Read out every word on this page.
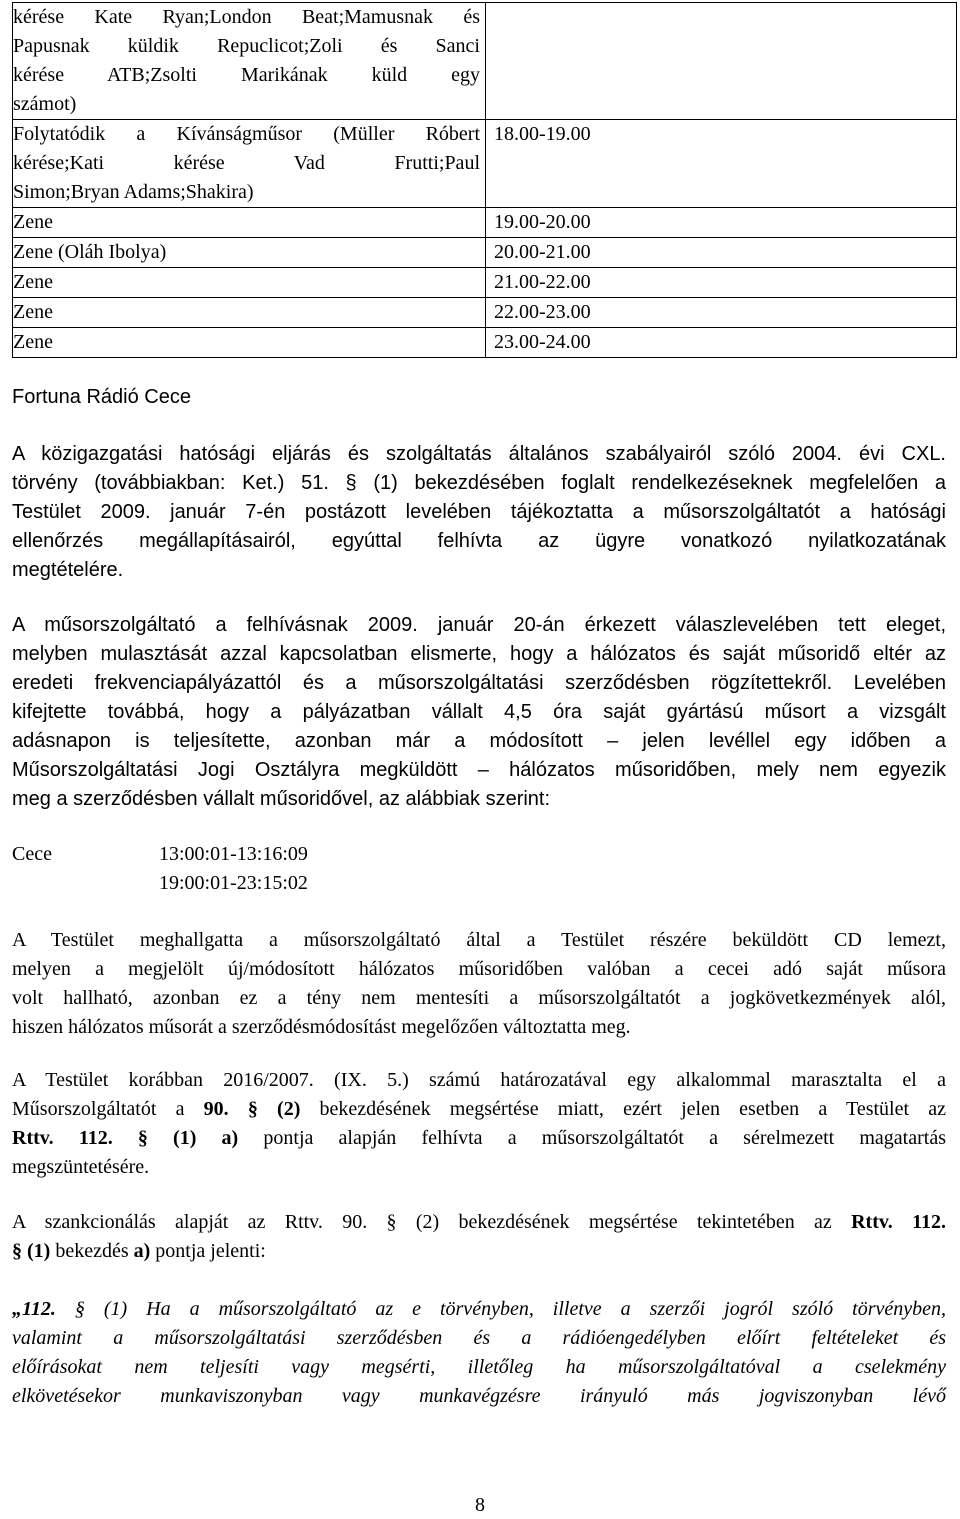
kérése Kate Ryan;London Beat;Mamusnak és
Papusnak küldik Repuclicot;Zoli és Sanci
kérése ATB;Zsolti Marikának küld egy
számot)	

Folytatódik a Kívánságműsor (Müller Róbert
kérése;Kati kérése Vad Frutti;Paul
Simon;Bryan Adams;Shakira)	18.00-19.00

Zene	19.00-20.00

Zene (Oláh Ibolya)	20.00-21.00

Zene	21.00-22.00

Zene	22.00-23.00

Zene	23.00-24.00
Fortuna Rádió Cece
A közigazgatási hatósági eljárás és szolgáltatás általános szabályairól szóló 2004. évi CXL.
törvény (továbbiakban: Ket.) 51. § (1) bekezdésében foglalt rendelkezéseknek megfelelően a
Testület 2009. január 7-én postázott levelében tájékoztatta a műsorszolgáltatót a hatósági
ellenőrzés megállapításairól, egyúttal felhívta az ügyre vonatkozó nyilatkozatának
megtételére.
A műsorszolgáltató a felhívásnak 2009. január 20-án érkezett válaszlevelében tett eleget,
melyben mulasztását azzal kapcsolatban elismerte, hogy a hálózatos és saját műsoridő eltér az
eredeti frekvenciapályázattól és a műsorszolgáltatási szerződésben rögzítettekről. Levelében
kifejtette továbbá, hogy a pályázatban vállalt 4,5 óra saját gyártású műsort a vizsgált
adásnapon is teljesítette, azonban már a módosított – jelen levéllel egy időben a
Műsorszolgáltatási Jogi Osztályra megküldött – hálózatos műsoridőben, mely nem egyezik
meg a szerződésben vállalt műsoridővel, az alábbiak szerint:
Cece	13:00:01-13:16:09
19:00:01-23:15:02
A Testület meghallgatta a műsorszolgáltató által a Testület részére beküldött CD lemezt,
melyen a megjelölt új/módosított hálózatos műsoridőben valóban a cecei adó saját műsora
volt hallható, azonban ez a tény nem mentesíti a műsorszolgáltatót a jogkövetkezmények alól,
hiszen hálózatos műsorát a szerződésmódosítást megelőzően változtatta meg.
A Testület korábban 2016/2007. (IX. 5.) számú határozatával egy alkalommal marasztalta el a
Műsorszolgáltatót a 90. § (2) bekezdésének megsértése miatt, ezért jelen esetben a Testület az
Rttv. 112. § (1) a) pontja alapján felhívta a műsorszolgáltatót a sérelmezett magatartás
megszüntetésére.
A szankcionálás alapját az Rttv. 90. § (2) bekezdésének megsértése tekintetében az Rttv. 112.
§ (1) bekezdés a) pontja jelenti:
„112. § (1) Ha a műsorszolgáltató az e törvényben, illetve a szerzői jogról szóló törvényben,
valamint a műsorszolgáltatási szerződésben és a rádióengedélyben előírt feltételeket és
előírásokat nem teljesíti vagy megsérti, illetőleg ha műsorszolgáltatóval a cselekmény
elkövetésekor munkaviszonyban vagy munkavégzésre irányuló más jogviszonyban lévő
8
